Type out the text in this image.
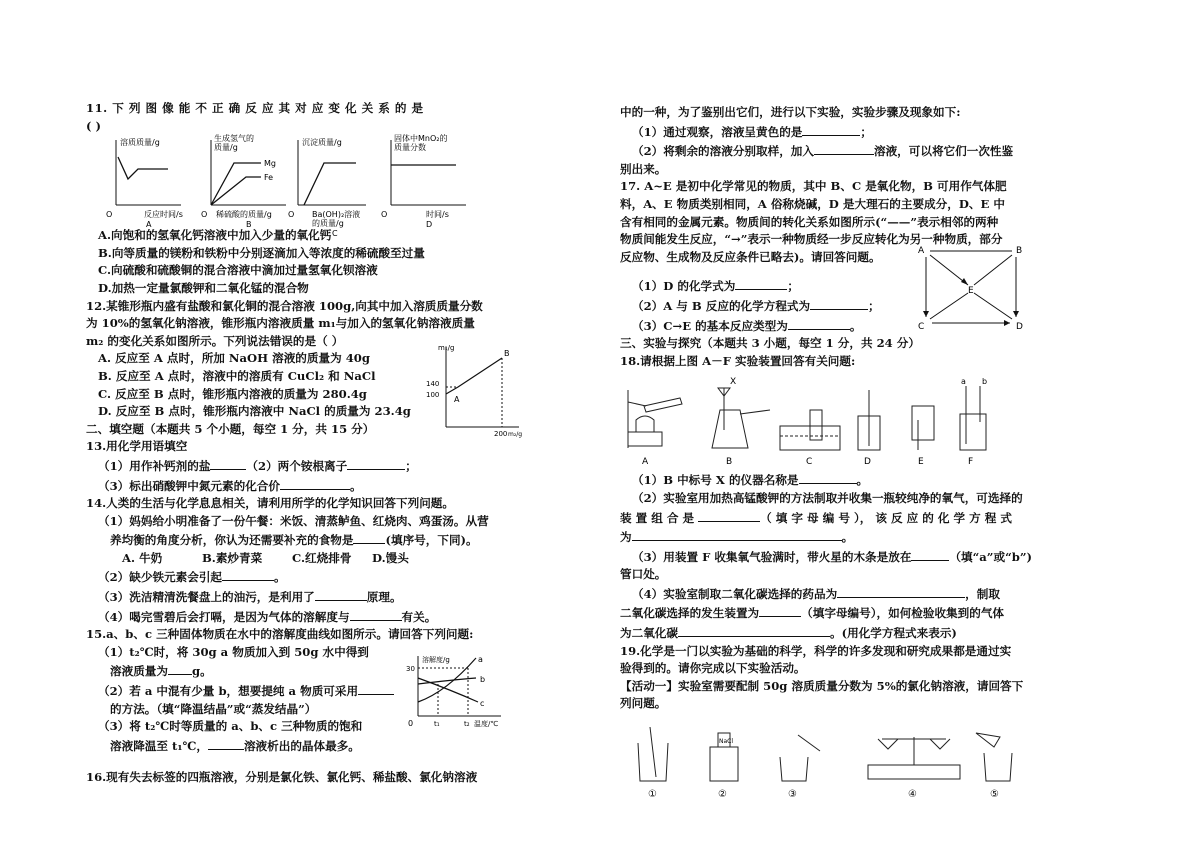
11. 下 列 图 像 能 不 正 确 反 应 其 对 应 变 化 关 系 的 是
( )
溶质质量/g
O	反应时间/s
A
生成氢气的
质量/g
Mg
Fe
O 稀硫酸的质量/g
B
沉淀质量/g
O Ba(OH)₂溶液
的质量/g
C
固体中MnO₂的
质量分数
O	时间/s
D
A.向饱和的氢氧化钙溶液中加入少量的氧化钙
B.向等质量的镁粉和铁粉中分别逐滴加入等浓度的稀硫酸至过量
C.向硫酸和硫酸铜的混合溶液中滴加过量氢氧化钡溶液
D.加热一定量氯酸钾和二氧化锰的混合物
12.某锥形瓶内盛有盐酸和氯化铜的混合溶液 100g,向其中加入溶质质量分数
为 10%的氢氧化钠溶液，锥形瓶内溶液质量 m₁与加入的氢氧化钠溶液质量
m₂ 的变化关系如图所示。下列说法错误的是（ ）
A. 反应至 A 点时，所加 NaOH 溶液的质量为 40g
B. 反应至 A 点时，溶液中的溶质有 CuCl₂ 和 NaCl
C. 反应至 B 点时，锥形瓶内溶液的质量为 280.4g
D. 反应至 B 点时，锥形瓶内溶液中 NaCl 的质量为 23.4g
m₁/g
140
100 A
B
200 m₂/g
二、填空题（本题共 5 个小题，每空 1 分，共 15 分）
13.用化学用语填空
（1）用作补钙剂的盐	（2）两个铵根离子	；
（3）标出硝酸钾中氮元素的化合价	。
14.人类的生活与化学息息相关，请利用所学的化学知识回答下列问题。
（1）妈妈给小明准备了一份午餐：米饭、清蒸鲈鱼、红烧肉、鸡蛋汤。从营
养均衡的角度分析，你认为还需要补充的食物是	(填序号，下同)。
A. 牛奶	B.素炒青菜	C.红烧排骨 D.馒头
（2）缺少铁元素会引起	。
（3）洗洁精清洗餐盘上的油污，是利用了	原理。
（4）喝完雪碧后会打嗝，是因为气体的溶解度与	有关。
15.a、b、c 三种固体物质在水中的溶解度曲线如图所示。请回答下列问题:
（1）t₂℃时，将 30g a 物质加入到 50g 水中得到
溶液质量为 g。
（2）若 a 中混有少量 b，想要提纯 a 物质可采用
的方法。（填“降温结晶”或“蒸发结晶”）
（3）将 t₂℃时等质量的 a、b、c 三种物质的饱和
溶液降温至 t₁℃，	溶液析出的晶体最多。
溶解度/g
30
a
b
c
0	t₁	t₂ 温度/℃
16.现有失去标签的四瓶溶液，分别是氯化铁、氯化钙、稀盐酸、氯化钠溶液
中的一种，为了鉴别出它们，进行以下实验，实验步骤及现象如下:
（1）通过观察，溶液呈黄色的是	；
（2）将剩余的溶液分别取样，加入	溶液，可以将它们一次性鉴
别出来。
17. A~E 是初中化学常见的物质，其中 B、C 是氧化物，B 可用作气体肥
料，A、E 物质类别相同，A 俗称烧碱，D 是大理石的主要成分，D、E 中
含有相同的金属元素。物质间的转化关系如图所示(“——”表示相邻的两种
物质间能发生反应，“→”表示一种物质经一步反应转化为另一种物质，部分
反应物、生成物及反应条件已略去)。请回答问题。
（1）D 的化学式为	；
（2）A 与 B 反应的化学方程式为	；
（3）C→E 的基本反应类型为	。
A	B
E
C	D
三、实验与探究（本题共 3 小题，每空 1 分，共 24 分）
18.请根据上图 A－F 实验装置回答有关问题:
X	a b
A	B	C	D	E	F
（1）B 中标号 X 的仪器名称是	。
（2）实验室用加热高锰酸钾的方法制取并收集一瓶较纯净的氧气，可选择的
装 置 组 合 是	（ 填 字 母 编 号 ）， 该 反 应 的 化 学 方 程 式
为	。
（3）用装置 F 收集氧气验满时，带火星的木条是放在	（填“a”或“b”)
管口处。
（4）实验室制取二氧化碳选择的药品为	，制取
二氧化碳选择的发生装置为	（填字母编号），如何检验收集到的气体
为二氧化碳	。(用化学方程式来表示)
19.化学是一门以实验为基础的科学，科学的许多发现和研究成果都是通过实
验得到的。请你完成以下实验活动。
【活动一】实验室需要配制 50g 溶质质量分数为 5%的氯化钠溶液，请回答下
列问题。
NaCl
①	②	③	④	⑤
